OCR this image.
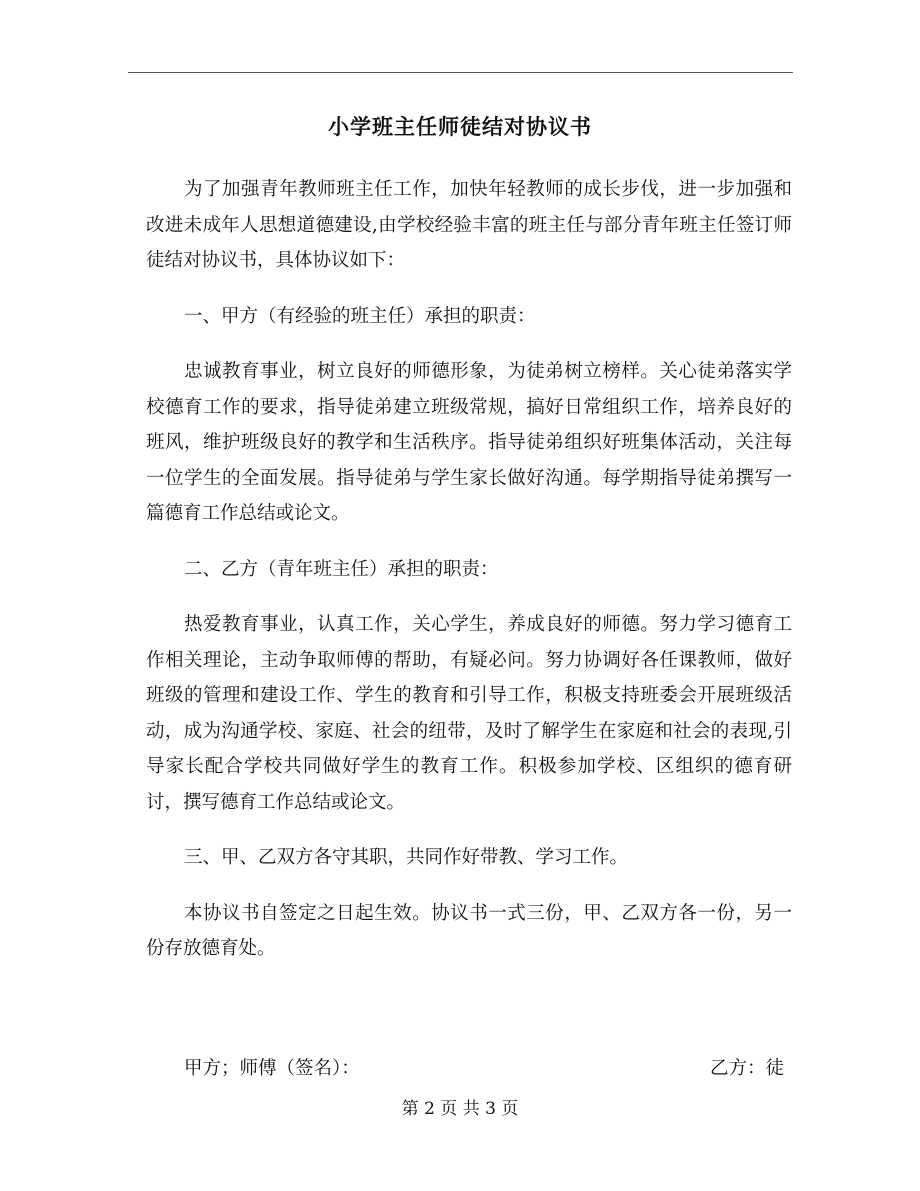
小学班主任师徒结对协议书

为了加强青年教师班主任工作，加快年轻教师的成长步伐，进一步加强和改进未成年人思想道德建设,由学校经验丰富的班主任与部分青年班主任签订师徒结对协议书，具体协议如下：

一、甲方（有经验的班主任）承担的职责：

忠诚教育事业，树立良好的师德形象，为徒弟树立榜样。关心徒弟落实学校德育工作的要求，指导徒弟建立班级常规，搞好日常组织工作，培养良好的班风，维护班级良好的教学和生活秩序。指导徒弟组织好班集体活动，关注每一位学生的全面发展。指导徒弟与学生家长做好沟通。每学期指导徒弟撰写一篇德育工作总结或论文。

二、乙方（青年班主任）承担的职责：

热爱教育事业，认真工作，关心学生，养成良好的师德。努力学习德育工作相关理论，主动争取师傅的帮助，有疑必问。努力协调好各任课教师，做好班级的管理和建设工作、学生的教育和引导工作，积极支持班委会开展班级活动，成为沟通学校、家庭、社会的纽带，及时了解学生在家庭和社会的表现,引导家长配合学校共同做好学生的教育工作。积极参加学校、区组织的德育研讨，撰写德育工作总结或论文。

三、甲、乙双方各守其职，共同作好带教、学习工作。

本协议书自签定之日起生效。协议书一式三份，甲、乙双方各一份，另一份存放德育处。

甲方；师傅（签名）：	乙方：徒
第 2 页 共 3 页
